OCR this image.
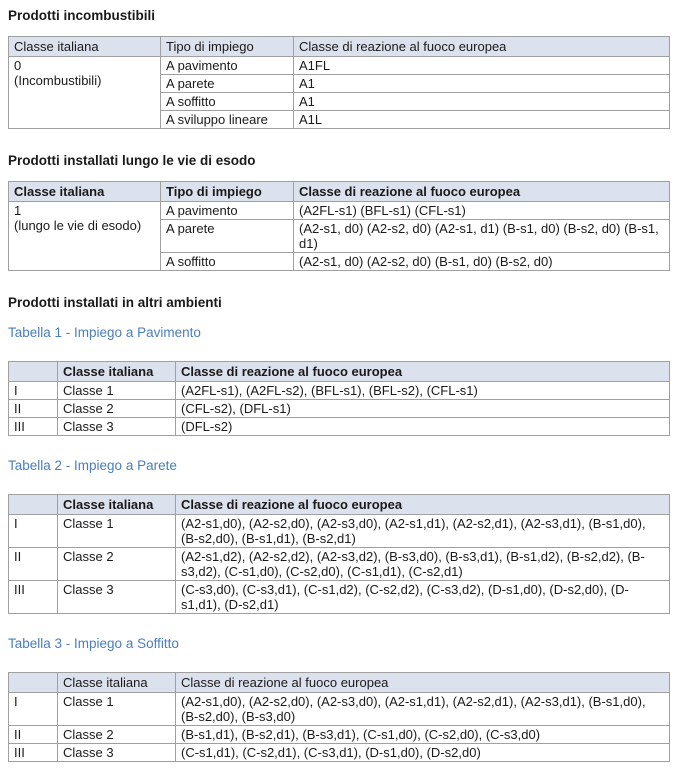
Prodotti incombustibili
Classe italiana	Tipo di impiego	Classe di reazione al fuoco europea

0
(Incombustibili)	A pavimento	A1FL
	A parete	A1
	A soffitto	A1
	A sviluppo lineare	A1L
Prodotti installati lungo le vie di esodo
Classe italiana	Tipo di impiego	Classe di reazione al fuoco europea

1
(lungo le vie di esodo)	A pavimento	(A2FL-s1) (BFL-s1) (CFL-s1)
	A parete	(A2-s1, d0) (A2-s2, d0) (A2-s1, d1) (B-s1, d0) (B-s2, d0) (B-s1, d1)
	A soffitto	(A2-s1, d0) (A2-s2, d0) (B-s1, d0) (B-s2, d0)
Prodotti installati in altri ambienti
Tabella 1 - Impiego a Pavimento
	Classe italiana	Classe di reazione al fuoco europea
I	Classe 1	(A2FL-s1), (A2FL-s2), (BFL-s1), (BFL-s2), (CFL-s1)
II	Classe 2	(CFL-s2), (DFL-s1)
III	Classe 3	(DFL-s2)
Tabella 2 - Impiego a Parete
	Classe italiana	Classe di reazione al fuoco europea
I	Classe 1	(A2-s1,d0), (A2-s2,d0), (A2-s3,d0), (A2-s1,d1), (A2-s2,d1), (A2-s3,d1), (B-s1,d0), (B-s2,d0), (B-s1,d1), (B-s2,d1)
II	Classe 2	(A2-s1,d2), (A2-s2,d2), (A2-s3,d2), (B-s3,d0), (B-s3,d1), (B-s1,d2), (B-s2,d2), (B-s3,d2), (C-s1,d0), (C-s2,d0), (C-s1,d1), (C-s2,d1)
III	Classe 3	(C-s3,d0), (C-s3,d1), (C-s1,d2), (C-s2,d2), (C-s3,d2), (D-s1,d0), (D-s2,d0), (D-s1,d1), (D-s2,d1)
Tabella 3 - Impiego a Soffitto
	Classe italiana	Classe di reazione al fuoco europea
I	Classe 1	(A2-s1,d0), (A2-s2,d0), (A2-s3,d0), (A2-s1,d1), (A2-s2,d1), (A2-s3,d1), (B-s1,d0), (B-s2,d0), (B-s3,d0)
II	Classe 2	(B-s1,d1), (B-s2,d1), (B-s3,d1), (C-s1,d0), (C-s2,d0), (C-s3,d0)
III	Classe 3	(C-s1,d1), (C-s2,d1), (C-s3,d1), (D-s1,d0), (D-s2,d0)
